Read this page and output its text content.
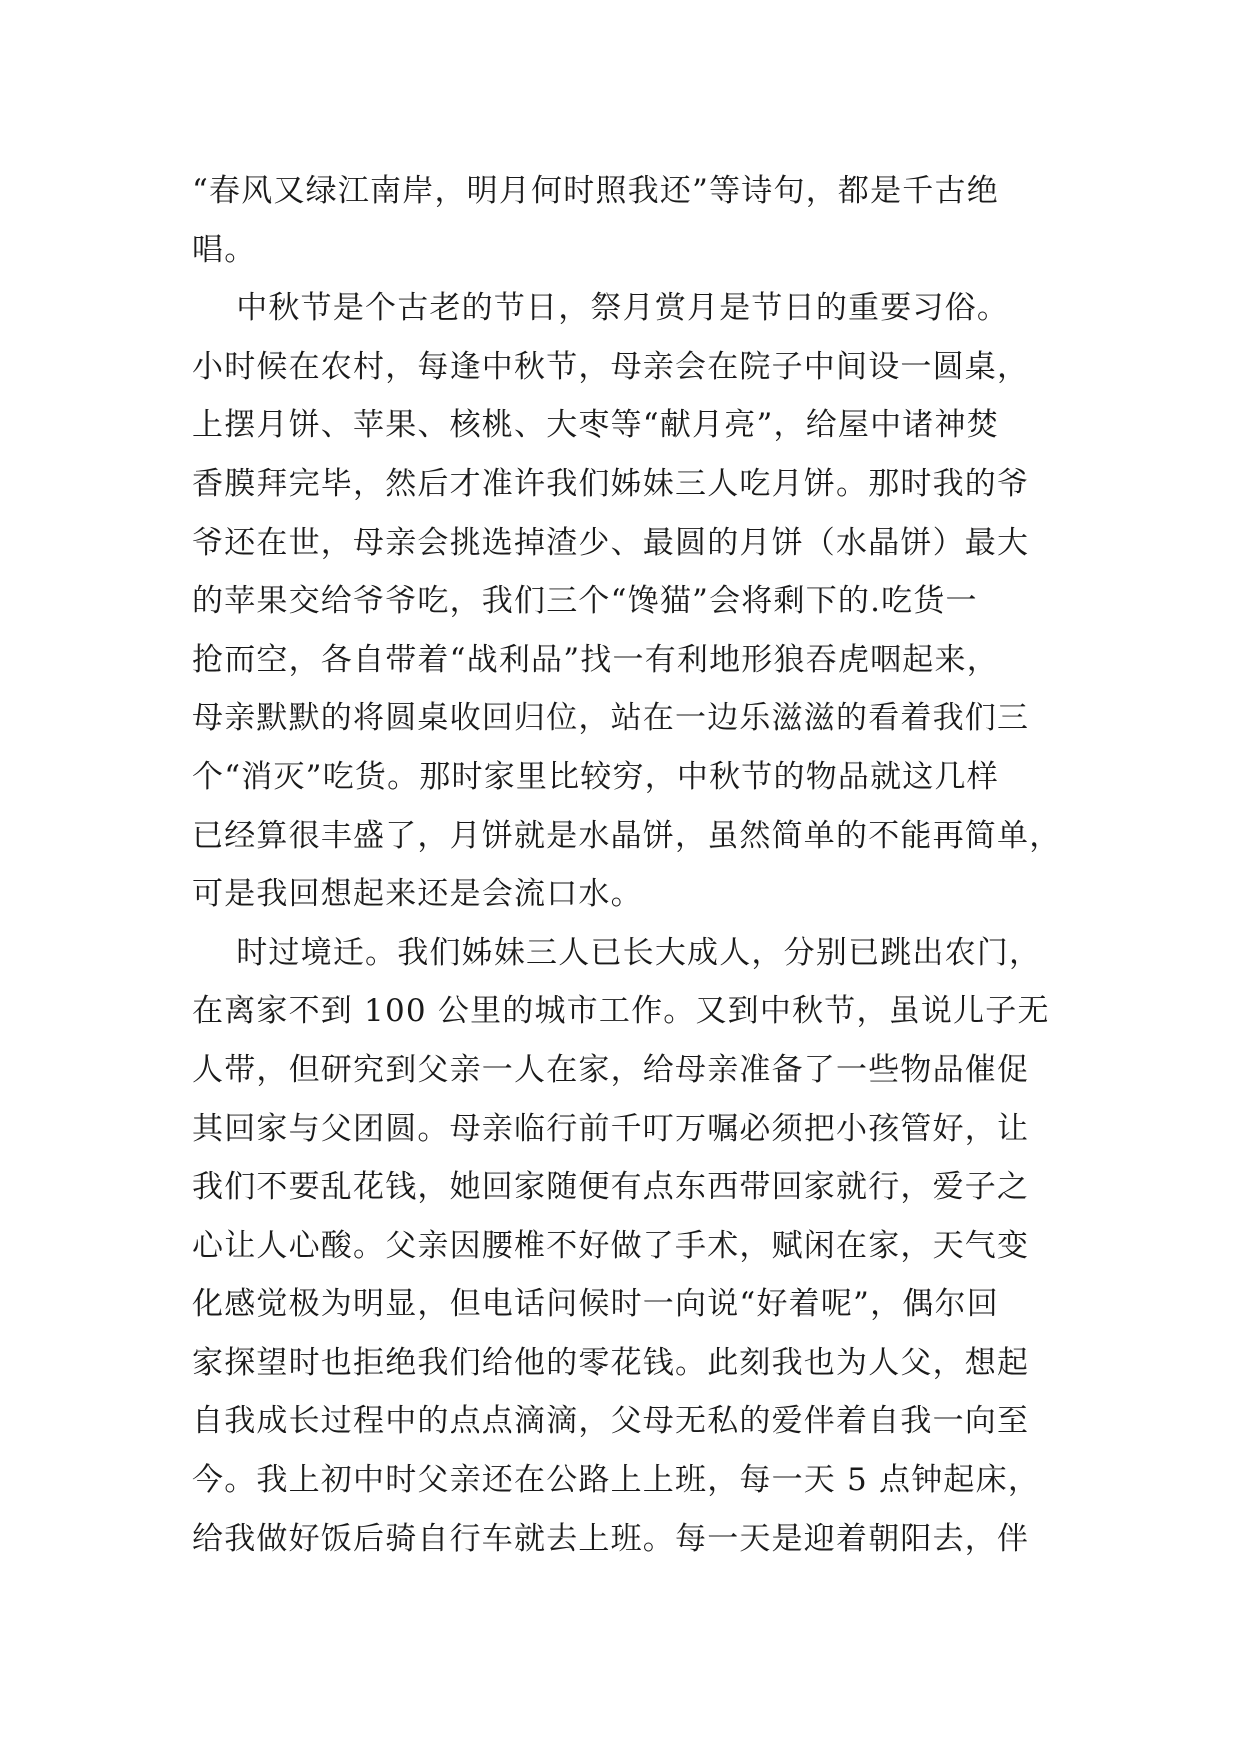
“春风又绿江南岸，明月何时照我还”等诗句，都是千古绝
唱。
中秋节是个古老的节日，祭月赏月是节日的重要习俗。
小时候在农村，每逢中秋节，母亲会在院子中间设一圆桌，
上摆月饼、苹果、核桃、大枣等“献月亮”，给屋中诸神焚
香膜拜完毕，然后才准许我们姊妹三人吃月饼。那时我的爷
爷还在世，母亲会挑选掉渣少、最圆的月饼（水晶饼）最大
的苹果交给爷爷吃，我们三个“馋猫”会将剩下的.吃货一
抢而空，各自带着“战利品”找一有利地形狼吞虎咽起来，
母亲默默的将圆桌收回归位，站在一边乐滋滋的看着我们三
个“消灭”吃货。那时家里比较穷，中秋节的物品就这几样
已经算很丰盛了，月饼就是水晶饼，虽然简单的不能再简单，
可是我回想起来还是会流口水。
时过境迁。我们姊妹三人已长大成人，分别已跳出农门，
在离家不到 100 公里的城市工作。又到中秋节，虽说儿子无
人带，但研究到父亲一人在家，给母亲准备了一些物品催促
其回家与父团圆。母亲临行前千叮万嘱必须把小孩管好，让
我们不要乱花钱，她回家随便有点东西带回家就行，爱子之
心让人心酸。父亲因腰椎不好做了手术，赋闲在家，天气变
化感觉极为明显，但电话问候时一向说“好着呢”，偶尔回
家探望时也拒绝我们给他的零花钱。此刻我也为人父，想起
自我成长过程中的点点滴滴，父母无私的爱伴着自我一向至
今。我上初中时父亲还在公路上上班，每一天 5 点钟起床，
给我做好饭后骑自行车就去上班。每一天是迎着朝阳去，伴
